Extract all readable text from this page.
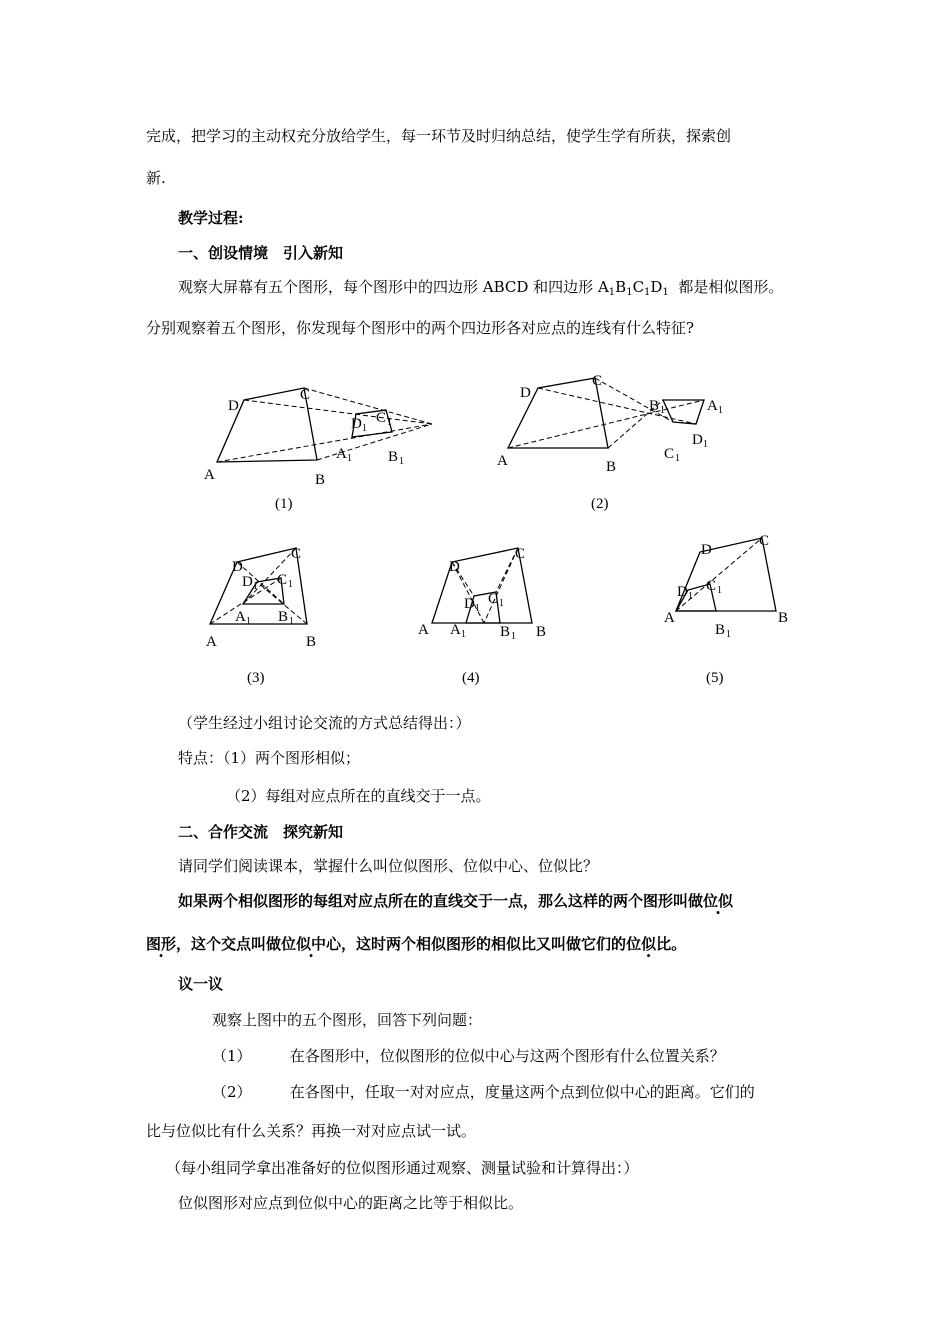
完成，把学习的主动权充分放给学生，每一环节及时归纳总结，使学生学有所获，探索创
新.
教学过程:
一、创设情境　引入新知
观察大屏幕有五个图形，每个图形中的四边形 ABCD 和四边形 $A_1B_1C_1D_1$ 都是相似图形。
分别观察着五个图形，你发现每个图形中的两个四边形各对应点的连线有什么特征?
A	B
C
D
D 1
C 1
A 1 B 1
(1)
A	B
C
D
B 1	A 1
D 1
C 1
(2)
A	B
C
D
D 1 C 1
A 1 B 1
(3)
A	B
C
D
D 1
C 1
A 1 B 1
(4)
A	B
C
D
D 1
C 1
B 1
(5)
（学生经过小组讨论交流的方式总结得出：）
特点：（1）两个图形相似；
（2）每组对应点所在的直线交于一点。
二、合作交流　探究新知
请同学们阅读课本，掌握什么叫位似图形、位似中心、位似比？
如果两个相似图形的每组对应点所在的直线交于一点，那么这样的两个图形叫做位似
图形，这个交点叫做位似中心，这时两个相似图形的相似比又叫做它们的位似比。
议一议
观察上图中的五个图形，回答下列问题：
（1）	在各图形中，位似图形的位似中心与这两个图形有什么位置关系？
（2）	在各图中，任取一对对应点，度量这两个点到位似中心的距离。它们的
比与位似比有什么关系？再换一对对应点试一试。
（每小组同学拿出准备好的位似图形通过观察、测量试验和计算得出：）
位似图形对应点到位似中心的距离之比等于相似比。
